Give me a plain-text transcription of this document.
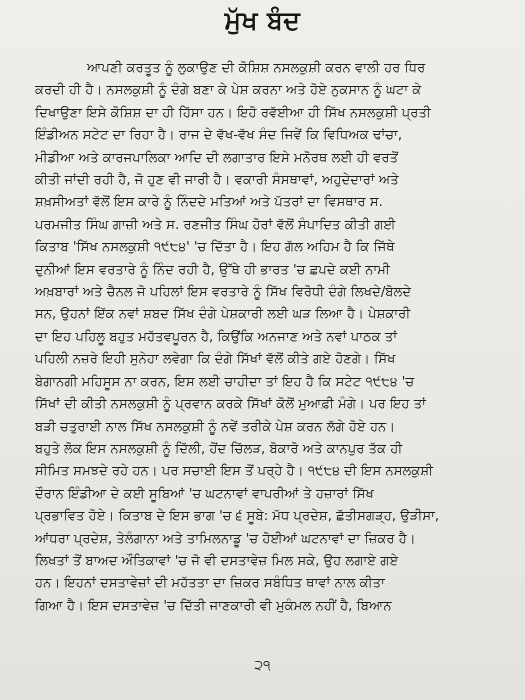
ਮੁੱਖ ਬੰਦ

ਆਪਣੀ ਕਰਤੂਤ ਨੂੰ ਲੁਕਾਉਣ ਦੀ ਕੋਸ਼ਿਸ਼ ਨਸਲਕੁਸ਼ੀ ਕਰਨ ਵਾਲੀ ਹਰ ਧਿਰ
ਕਰਦੀ ਹੀ ਹੈ। ਨਸਲਕੁਸ਼ੀ ਨੂੰ ਦੰਗੇ ਬਣਾ ਕੇ ਪੇਸ਼ ਕਰਨਾ ਅਤੇ ਹੋਏ ਨੁਕਸਾਨ ਨੂੰ ਘਟਾ ਕੇ
ਦਿਖਾਉਣਾ ਇਸੇ ਕੋਸ਼ਿਸ਼ ਦਾ ਹੀ ਹਿੱਸਾ ਹਨ। ਇਹੋ ਰਵੱਈਆ ਹੀ ਸਿੱਖ ਨਸਲਕੁਸ਼ੀ ਪ੍ਰਤੀ
ਇੰਡੀਅਨ ਸਟੇਟ ਦਾ ਰਿਹਾ ਹੈ। ਰਾਜ ਦੇ ਵੱਖ-ਵੱਖ ਸੰਦ ਜਿਵੇਂ ਕਿ ਵਿਧਿਅਕ ਢਾਂਚਾ,
ਮੀਡੀਆ ਅਤੇ ਕਾਰਜਪਾਲਿਕਾ ਆਦਿ ਦੀ ਲਗਾਤਾਰ ਇਸੇ ਮਨੋਰਥ ਲਈ ਹੀ ਵਰਤੋਂ
ਕੀਤੀ ਜਾਂਦੀ ਰਹੀ ਹੈ, ਜੋ ਹੁਣ ਵੀ ਜਾਰੀ ਹੈ। ਵਕਾਰੀ ਸੰਸਥਾਵਾਂ, ਅਹੁਦੇਦਾਰਾਂ ਅਤੇ
ਸ਼ਖ਼ਸੀਅਤਾਂ ਵੱਲੋਂ ਇਸ ਕਾਰੇ ਨੂੰ ਨਿੰਦਦੇ ਮਤਿਆਂ ਅਤੇ ਪੱਤਰਾਂ ਦਾ ਵਿਸਥਾਰ ਸ.
ਪਰਮਜੀਤ ਸਿੰਘ ਗਾਜ਼ੀ ਅਤੇ ਸ. ਰਣਜੀਤ ਸਿੰਘ ਹੋਰਾਂ ਵੱਲੋਂ ਸੰਪਾਦਿਤ ਕੀਤੀ ਗਈ
ਕਿਤਾਬ 'ਸਿੱਖ ਨਸਲਕੁਸ਼ੀ ੧੯੮੪' 'ਚ ਦਿੱਤਾ ਹੈ। ਇਹ ਗੱਲ ਅਹਿਮ ਹੈ ਕਿ ਜਿੱਥੇ
ਦੁਨੀਆਂ ਇਸ ਵਰਤਾਰੇ ਨੂੰ ਨਿੰਦ ਰਹੀ ਹੈ, ਉੱਥੇ ਹੀ ਭਾਰਤ 'ਚ ਛਪਦੇ ਕਈ ਨਾਮੀ
ਅਖ਼ਬਾਰਾਂ ਅਤੇ ਚੈਨਲ ਜੋ ਪਹਿਲਾਂ ਇਸ ਵਰਤਾਰੇ ਨੂੰ ਸਿੱਖ ਵਿਰੋਧੀ ਦੰਗੇ ਲਿਖਦੇ/ਬੋਲਦੇ
ਸਨ, ਉਹਨਾਂ ਇੱਕ ਨਵਾਂ ਸ਼ਬਦ ਸਿੱਖ ਦੰਗੇ ਪੇਸ਼ਕਾਰੀ ਲਈ ਘੜ ਲਿਆ ਹੈ। ਪੇਸ਼ਕਾਰੀ
ਦਾ ਇਹ ਪਹਿਲੂ ਬਹੁਤ ਮਹੱਤਵਪੂਰਨ ਹੈ, ਕਿਉਂਕਿ ਅਨਜਾਣ ਅਤੇ ਨਵਾਂ ਪਾਠਕ ਤਾਂ
ਪਹਿਲੀ ਨਜ਼ਰੇ ਇਹੀ ਸੁਨੇਹਾ ਲਵੇਗਾ ਕਿ ਦੰਗੇ ਸਿੱਖਾਂ ਵੱਲੋਂ ਕੀਤੇ ਗਏ ਹੋਣਗੇ। ਸਿੱਖ
ਬੇਗਾਨਗੀ ਮਹਿਸੂਸ ਨਾ ਕਰਨ, ਇਸ ਲਈ ਚਾਹੀਦਾ ਤਾਂ ਇਹ ਹੈ ਕਿ ਸਟੇਟ ੧੯੮੪ 'ਚ
ਸਿੱਖਾਂ ਦੀ ਕੀਤੀ ਨਸਲਕੁਸ਼ੀ ਨੂੰ ਪ੍ਰਵਾਨ ਕਰਕੇ ਸਿੱਖਾਂ ਕੋਲੋਂ ਮੁਆਫ਼ੀ ਮੰਗੇ। ਪਰ ਇਹ ਤਾਂ
ਬੜੀ ਚਤੁਰਾਈ ਨਾਲ ਸਿੱਖ ਨਸਲਕੁਸ਼ੀ ਨੂੰ ਨਵੇਂ ਤਰੀਕੇ ਪੇਸ਼ ਕਰਨ ਲੱਗੇ ਹੋਏ ਹਨ।
ਬਹੁਤੇ ਲੋਕ ਇਸ ਨਸਲਕੁਸ਼ੀ ਨੂੰ ਦਿੱਲੀ, ਹੋਂਦ ਚਿੱਲੜ, ਬੋਕਾਰੋ ਅਤੇ ਕਾਨਪੁਰ ਤੱਕ ਹੀ
ਸੀਮਿਤ ਸਮਝਦੇ ਰਹੇ ਹਨ। ਪਰ ਸਚਾਈ ਇਸ ਤੋਂ ਪਰ੍ਹੇ ਹੈ। ੧੯੮੪ ਦੀ ਇਸ ਨਸਲਕੁਸ਼ੀ
ਦੌਰਾਨ ਇੰਡੀਆ ਦੇ ਕਈ ਸੂਬਿਆਂ 'ਚ ਘਟਨਾਵਾਂ ਵਾਪਰੀਆਂ ਤੇ ਹਜ਼ਾਰਾਂ ਸਿੱਖ
ਪ੍ਰਭਾਵਿਤ ਹੋਏ। ਕਿਤਾਬ ਦੇ ਇਸ ਭਾਗ 'ਚ ੬ ਸੂਬੇ: ਮੱਧ ਪ੍ਰਦੇਸ਼, ਛੱਤੀਸਗੜ੍ਹ, ਉੜੀਸਾ,
ਆਂਧਰਾ ਪ੍ਰਦੇਸ਼, ਤੇਲੰਗਾਨਾ ਅਤੇ ਤਾਮਿਲਨਾਡੂ 'ਚ ਹੋਈਆਂ ਘਟਨਾਵਾਂ ਦਾ ਜ਼ਿਕਰ ਹੈ।
ਲਿਖਤਾਂ ਤੋਂ ਬਾਅਦ ਔਤਿਕਾਵਾਂ 'ਚ ਜੋ ਵੀ ਦਸਤਾਵੇਜ਼ ਮਿਲ ਸਕੇ, ਉਹ ਲਗਾਏ ਗਏ
ਹਨ। ਇਹਨਾਂ ਦਸਤਾਵੇਜ਼ਾਂ ਦੀ ਮਹੱਤਤਾ ਦਾ ਜ਼ਿਕਰ ਸਬੰਧਿਤ ਥਾਵਾਂ ਨਾਲ ਕੀਤਾ
ਗਿਆ ਹੈ। ਇਸ ਦਸਤਾਵੇਜ਼ 'ਚ ਦਿੱਤੀ ਜਾਣਕਾਰੀ ਵੀ ਮੁਕੰਮਲ ਨਹੀਂ ਹੈ, ਬਿਆਨ

੨੧
